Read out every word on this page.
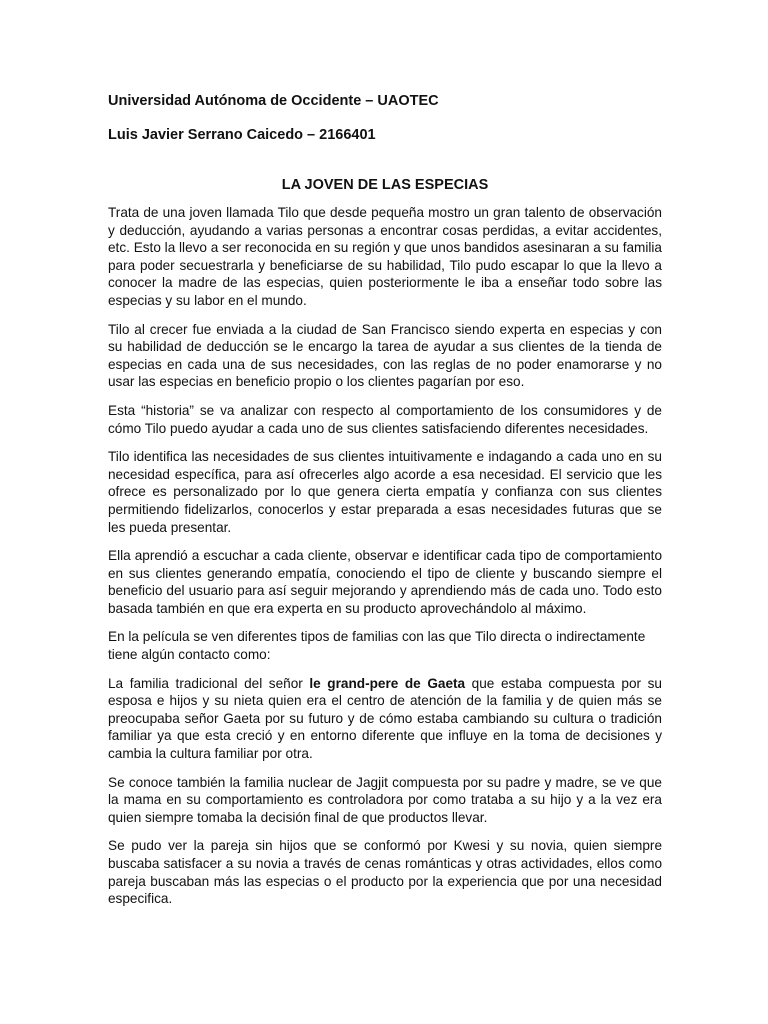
Universidad Autónoma de Occidente – UAOTEC

Luis Javier Serrano Caicedo – 2166401

LA JOVEN DE LAS ESPECIAS

Trata de una joven llamada Tilo que desde pequeña mostro un gran talento de observación y deducción, ayudando a varias personas a encontrar cosas perdidas, a evitar accidentes, etc. Esto la llevo a ser reconocida en su región y que unos bandidos asesinaran a su familia para poder secuestrarla y beneficiarse de su habilidad, Tilo pudo escapar lo que la llevo a conocer la madre de las especias, quien posteriormente le iba a enseñar todo sobre las especias y su labor en el mundo.

Tilo al crecer fue enviada a la ciudad de San Francisco siendo experta en especias y con su habilidad de deducción se le encargo la tarea de ayudar a sus clientes de la tienda de especias en cada una de sus necesidades, con las reglas de no poder enamorarse y no usar las especias en beneficio propio o los clientes pagarían por eso.

Esta “historia” se va analizar con respecto al comportamiento de los consumidores y de cómo Tilo puedo ayudar a cada uno de sus clientes satisfaciendo diferentes necesidades.

Tilo identifica las necesidades de sus clientes intuitivamente e indagando a cada uno en su necesidad específica, para así ofrecerles algo acorde a esa necesidad. El servicio que les ofrece es personalizado por lo que genera cierta empatía y confianza con sus clientes permitiendo fidelizarlos, conocerlos y estar preparada a esas necesidades futuras que se les pueda presentar.

Ella aprendió a escuchar a cada cliente, observar e identificar cada tipo de comportamiento en sus clientes generando empatía, conociendo el tipo de cliente y buscando siempre el beneficio del usuario para así seguir mejorando y aprendiendo más de cada uno. Todo esto basada también en que era experta en su producto aprovechándolo al máximo.

En la película se ven diferentes tipos de familias con las que Tilo directa o indirectamente tiene algún contacto como:

La familia tradicional del señor le grand-pere de Gaeta que estaba compuesta por su esposa e hijos y su nieta quien era el centro de atención de la familia y de quien más se preocupaba señor Gaeta por su futuro y de cómo estaba cambiando su cultura o tradición familiar ya que esta creció y en entorno diferente que influye en la toma de decisiones y cambia la cultura familiar por otra.

Se conoce también la familia nuclear de Jagjit compuesta por su padre y madre, se ve que la mama en su comportamiento es controladora por como trataba a su hijo y a la vez era quien siempre tomaba la decisión final de que productos llevar.

Se pudo ver la pareja sin hijos que se conformó por Kwesi y su novia, quien siempre buscaba satisfacer a su novia a través de cenas románticas y otras actividades, ellos como pareja buscaban más las especias o el producto por la experiencia que por una necesidad especifica.
